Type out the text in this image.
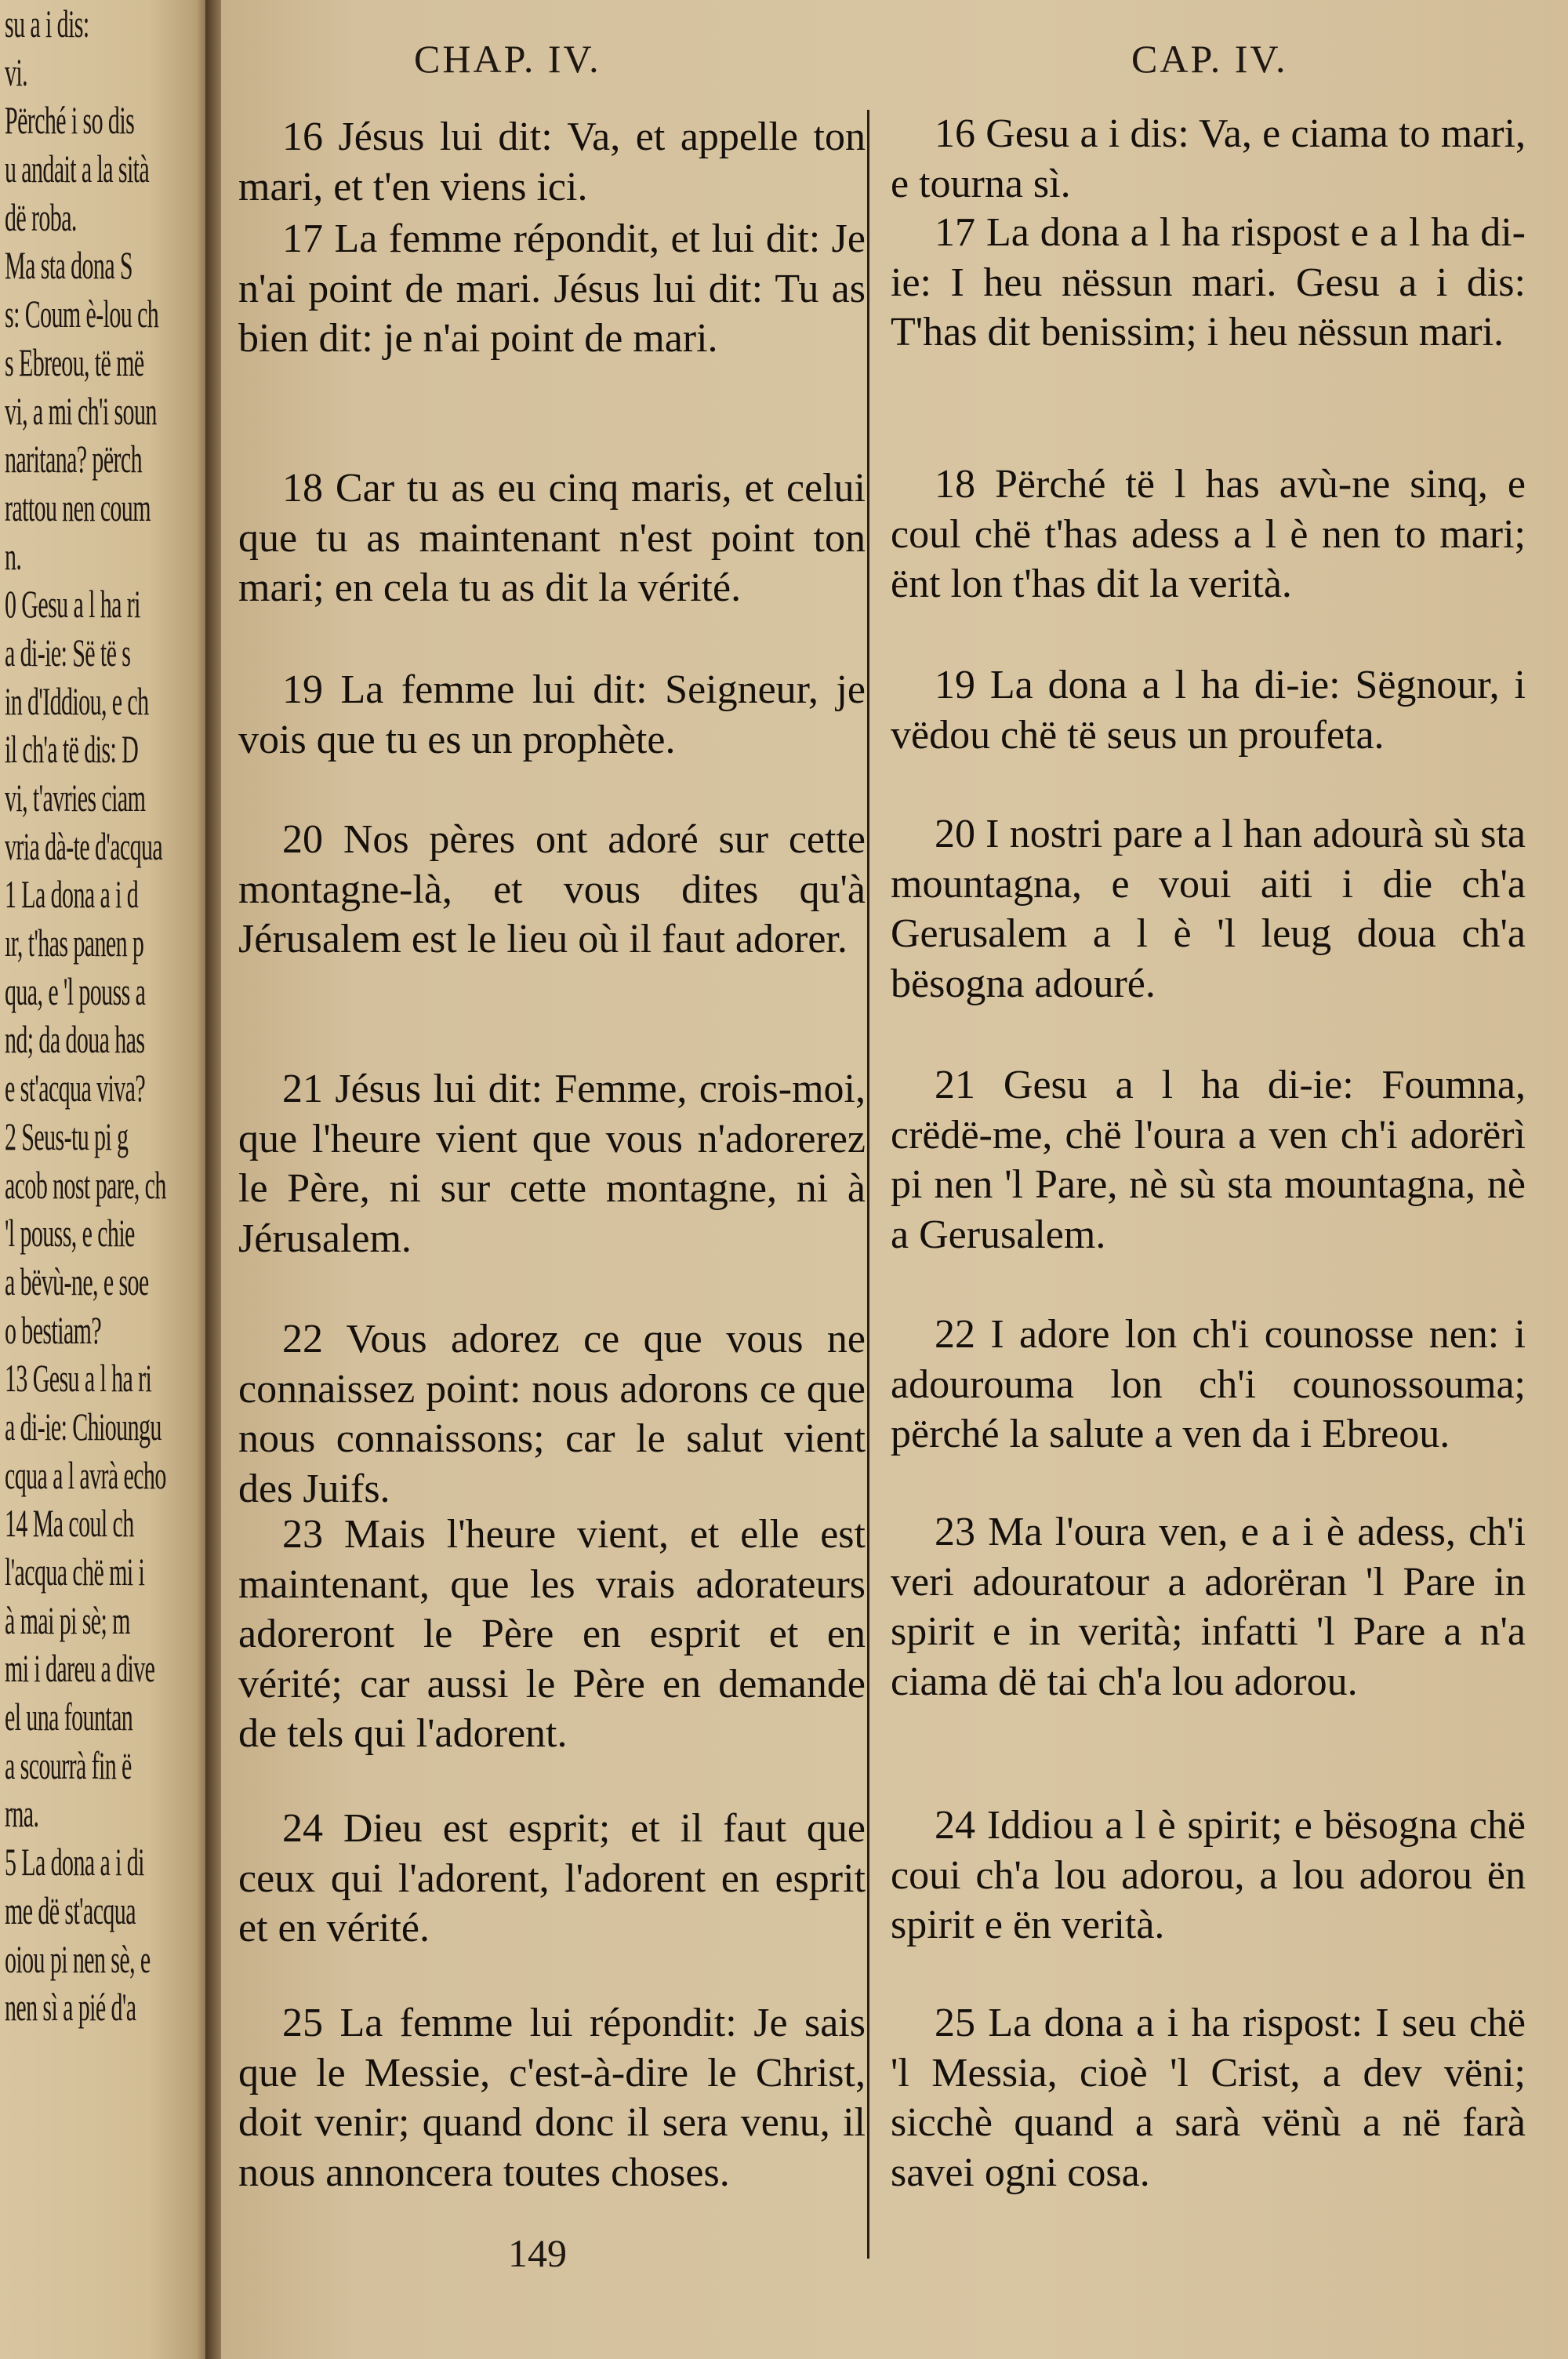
su a i dis:
vi.
Përché i so dis
u andait a la sità
dë roba.
Ma sta dona S
s: Coum è-lou ch
s Ebreou, të më
vi, a mi ch'i soun
naritana? përch
rattou nen coum
n.
0 Gesu a l ha ri
a di-ie: Së të s
in d'Iddiou, e ch
il ch'a të dis: D
vi, t'avries ciam
vria dà-te d'acqua
1 La dona a i d
ır, t'has panen p
qua, e 'l pouss a
nd; da doua has
e st'acqua viva?
2 Seus-tu pi g
acob nost pare, ch
'l pouss, e chie
a bëvù-ne, e soe
o bestiam?
13 Gesu a l ha ri
a di-ie: Chioungu
cqua a l avrà echo
14 Ma coul ch
l'acqua chë mi i
à mai pi sè; m
mi i dareu a dive
el una fountan
a scourrà fin ë
rna.
5 La dona a i di
me dë st'acqua
oiou pi nen sè, e
nen sì a pié d'a
CHAP. IV.	CAP. IV.

16 Jésus lui dit: Va, et appelle ton mari, et t'en viens ici.

17 La femme répondit, et lui dit: Je n'ai point de mari. Jésus lui dit: Tu as bien dit: je n'ai point de mari.

18 Car tu as eu cinq maris, et celui que tu as maintenant n'est point ton mari; en cela tu as dit la vérité.

19 La femme lui dit: Seigneur, je vois que tu es un prophète.

20 Nos pères ont adoré sur cette montagne-là, et vous dites qu'à Jérusalem est le lieu où il faut adorer.

21 Jésus lui dit: Femme, crois-moi, que l'heure vient que vous n'adorerez le Père, ni sur cette montagne, ni à Jérusalem.

22 Vous adorez ce que vous ne connaissez point: nous adorons ce que nous connaissons; car le salut vient des Juifs.

23 Mais l'heure vient, et elle est maintenant, que les vrais adorateurs adoreront le Père en esprit et en vérité; car aussi le Père en demande de tels qui l'adorent.

24 Dieu est esprit; et il faut que ceux qui l'adorent, l'adorent en esprit et en vérité.

25 La femme lui répondit: Je sais que le Messie, c'est-à-dire le Christ, doit venir; quand donc il sera venu, il nous annoncera toutes choses.

16 Gesu a i dis: Va, e ciama to mari, e tourna sì.

17 La dona a l ha rispost e a l ha di-ie: I heu nëssun mari. Gesu a i dis: T'has dit benissim; i heu nëssun mari.

18 Përché të l has avù-ne sinq, e coul chë t'has adess a l è nen to mari; ënt lon t'has dit la verità.

19 La dona a l ha di-ie: Sëgnour, i vëdou chë të seus un proufeta.

20 I nostri pare a l han adourà sù sta mountagna, e voui aiti i die ch'a Gerusalem a l è 'l leug doua ch'a bësogna adouré.

21 Gesu a l ha di-ie: Foumna, crëdë-me, chë l'oura a ven ch'i adorërì pi nen 'l Pare, nè sù sta mountagna, nè a Gerusalem.

22 I adore lon ch'i counosse nen: i adourouma lon ch'i counossouma; përché la salute a ven da i Ebreou.

23 Ma l'oura ven, e a i è adess, ch'i veri adouratour a adorëran 'l Pare in spirit e in verità; infatti 'l Pare a n'a ciama dë tai ch'a lou adorou.

24 Iddiou a l è spirit; e bësogna chë coui ch'a lou adorou, a lou adorou ën spirit e ën verità.

25 La dona a i ha rispost: I seu chë 'l Messia, cioè 'l Crist, a dev vëni; sicchè quand a sarà vënù a në farà savei ogni cosa.

149
